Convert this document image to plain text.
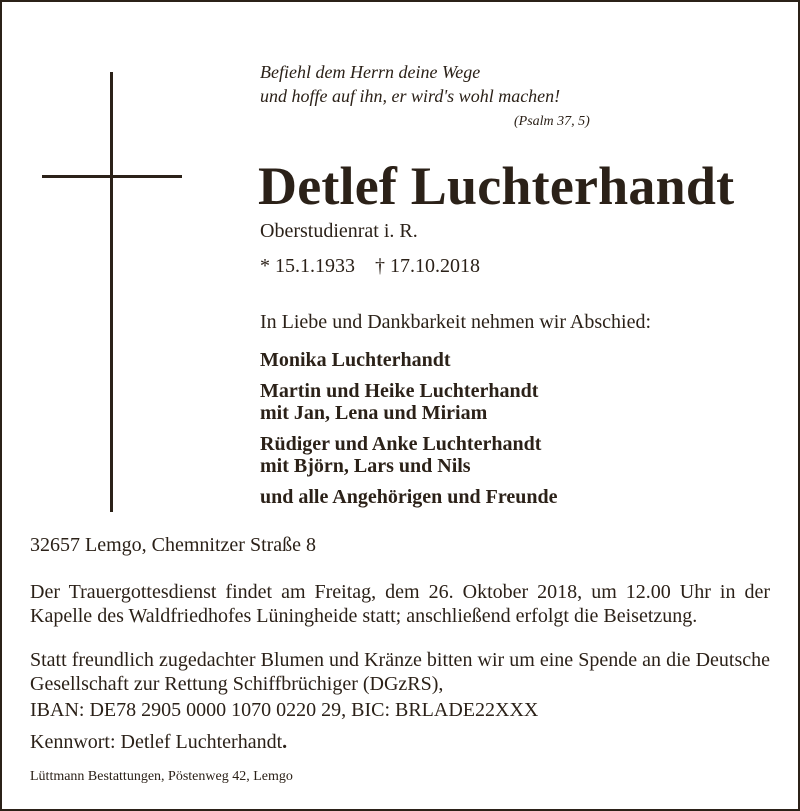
Befiehl dem Herrn deine Wege
und hoffe auf ihn, er wird's wohl machen!
(Psalm 37, 5)
Detlef Luchterhandt
Oberstudienrat i. R.
* 15.1.1933 † 17.10.2018
In Liebe und Dankbarkeit nehmen wir Abschied:
Monika Luchterhandt
Martin und Heike Luchterhandt
mit Jan, Lena und Miriam
Rüdiger und Anke Luchterhandt
mit Björn, Lars und Nils
und alle Angehörigen und Freunde
32657 Lemgo, Chemnitzer Straße 8
Der Trauergottesdienst findet am Freitag, dem 26. Oktober 2018, um 12.00 Uhr in der Kapelle des Waldfriedhofes Lüningheide statt; anschließend erfolgt die Beisetzung.
Statt freundlich zugedachter Blumen und Kränze bitten wir um eine Spende an die Deutsche Gesellschaft zur Rettung Schiffbrüchiger (DGzRS),
IBAN: DE78 2905 0000 1070 0220 29, BIC: BRLADE22XXX
Kennwort: Detlef Luchterhandt.
Lüttmann Bestattungen, Pöstenweg 42, Lemgo
